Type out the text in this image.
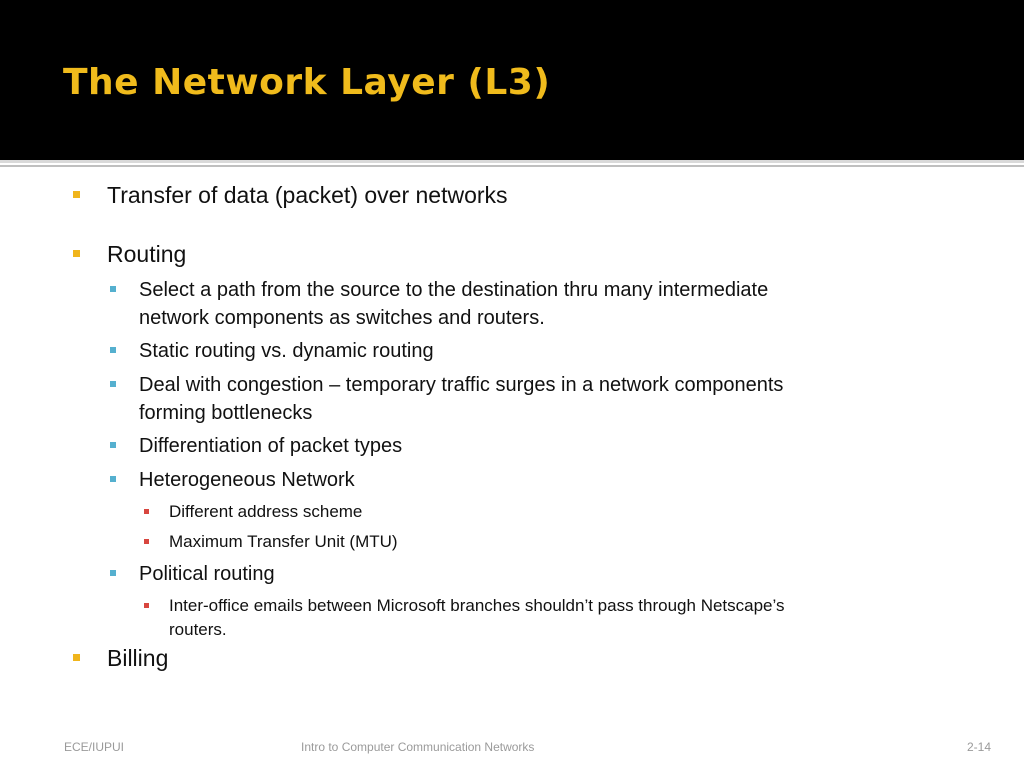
The Network Layer (L3)
Transfer of data (packet) over networks
Routing
Select a path from the source to the destination thru many intermediate
network components as switches and routers.
Static routing vs. dynamic routing
Deal with congestion – temporary traffic surges in a network components
forming bottlenecks
Differentiation of packet types
Heterogeneous Network
Different address scheme
Maximum Transfer Unit (MTU)
Political routing
Inter-office emails between Microsoft branches shouldn’t pass through Netscape’s
routers.
Billing
ECE/IUPUI	Intro to Computer Communication Networks	2-14
